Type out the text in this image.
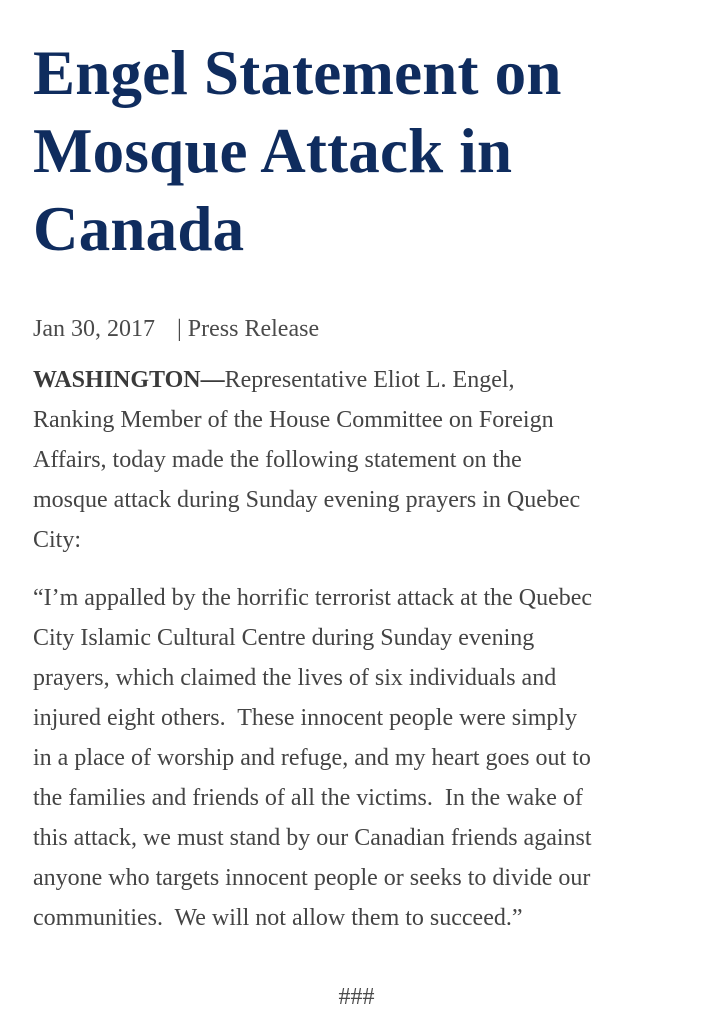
Engel Statement on
Mosque Attack in
Canada
Jan 30, 2017 | Press Release

WASHINGTON—Representative Eliot L. Engel,
Ranking Member of the House Committee on Foreign
Affairs, today made the following statement on the
mosque attack during Sunday evening prayers in Quebec
City:

“I’m appalled by the horrific terrorist attack at the Quebec
City Islamic Cultural Centre during Sunday evening
prayers, which claimed the lives of six individuals and
injured eight others.  These innocent people were simply
in a place of worship and refuge, and my heart goes out to
the families and friends of all the victims.  In the wake of
this attack, we must stand by our Canadian friends against
anyone who targets innocent people or seeks to divide our
communities.  We will not allow them to succeed.”

###
